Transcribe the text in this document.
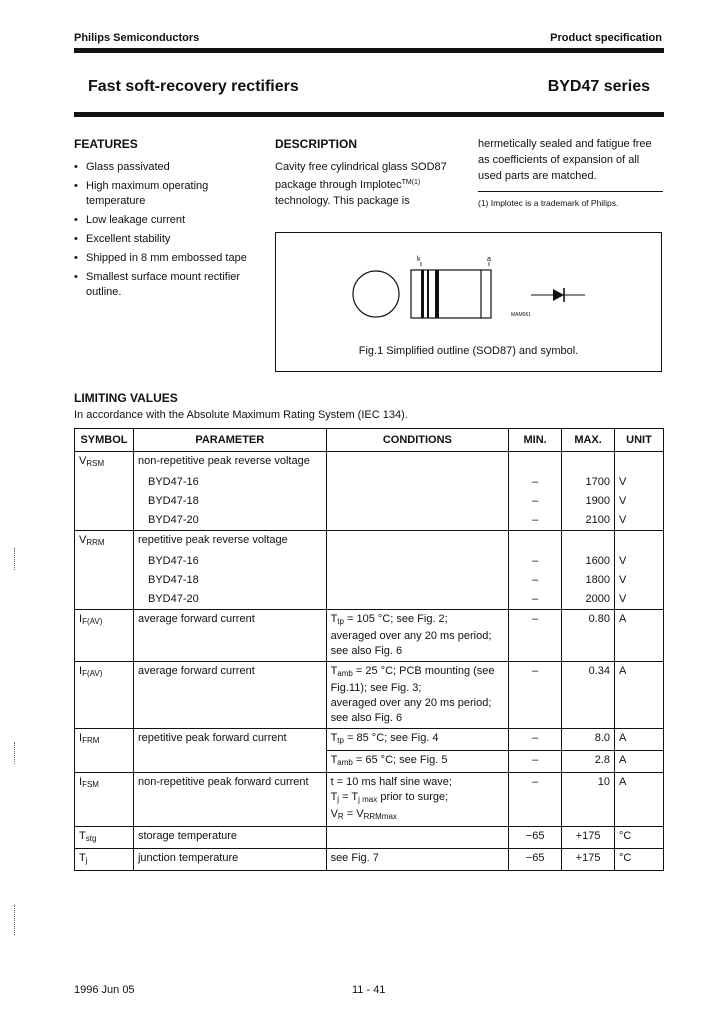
Philips Semiconductors	Product specification
Fast soft-recovery rectifiers	BYD47 series
FEATURES
• Glass passivated
• High maximum operating temperature
• Low leakage current
• Excellent stability
• Shipped in 8 mm embossed tape
• Smallest surface mount rectifier outline.
DESCRIPTION
Cavity free cylindrical glass SOD87 package through Implotec$^{TM(1)}$ technology. This package is
hermetically sealed and fatigue free as coefficients of expansion of all used parts are matched.
(1) Implotec is a trademark of Philips.
k	a
MAM061
Fig.1 Simplified outline (SOD87) and symbol.
LIMITING VALUES
In accordance with the Absolute Maximum Rating System (IEC 134).
SYMBOL	PARAMETER	CONDITIONS	MIN.	MAX.	UNIT
$V_{RSM}$	non-repetitive peak reverse voltage				
	BYD47-16		–	1700	V
	BYD47-18		–	1900	V
	BYD47-20		–	2100	V
$V_{RRM}$	repetitive peak reverse voltage				
	BYD47-16		–	1600	V
	BYD47-18		–	1800	V
	BYD47-20		–	2000	V
$I_{F(AV)}$	average forward current	$T_{tp} = 105$ °C; see Fig. 2;
averaged over any 20 ms period;
see also Fig. 6	–	0.80	A
$I_{F(AV)}$	average forward current	$T_{amb} = 25$ °C; PCB mounting (see
Fig.11); see Fig. 3;
averaged over any 20 ms period;
see also Fig. 6	–	0.34	A
$I_{FRM}$	repetitive peak forward current	$T_{tp} = 85$ °C; see Fig. 4	–	8.0	A
		$T_{amb} = 65$ °C; see Fig. 5	–	2.8	A
$I_{FSM}$	non-repetitive peak forward current	t = 10 ms half sine wave;
$T_j = T_{j max}$ prior to surge;
$V_R = V_{RRMmax}$	–	10	A
$T_{stg}$	storage temperature		−65	+175	°C
$T_j$	junction temperature	see Fig. 7	−65	+175	°C
1996 Jun 05	11 - 41
